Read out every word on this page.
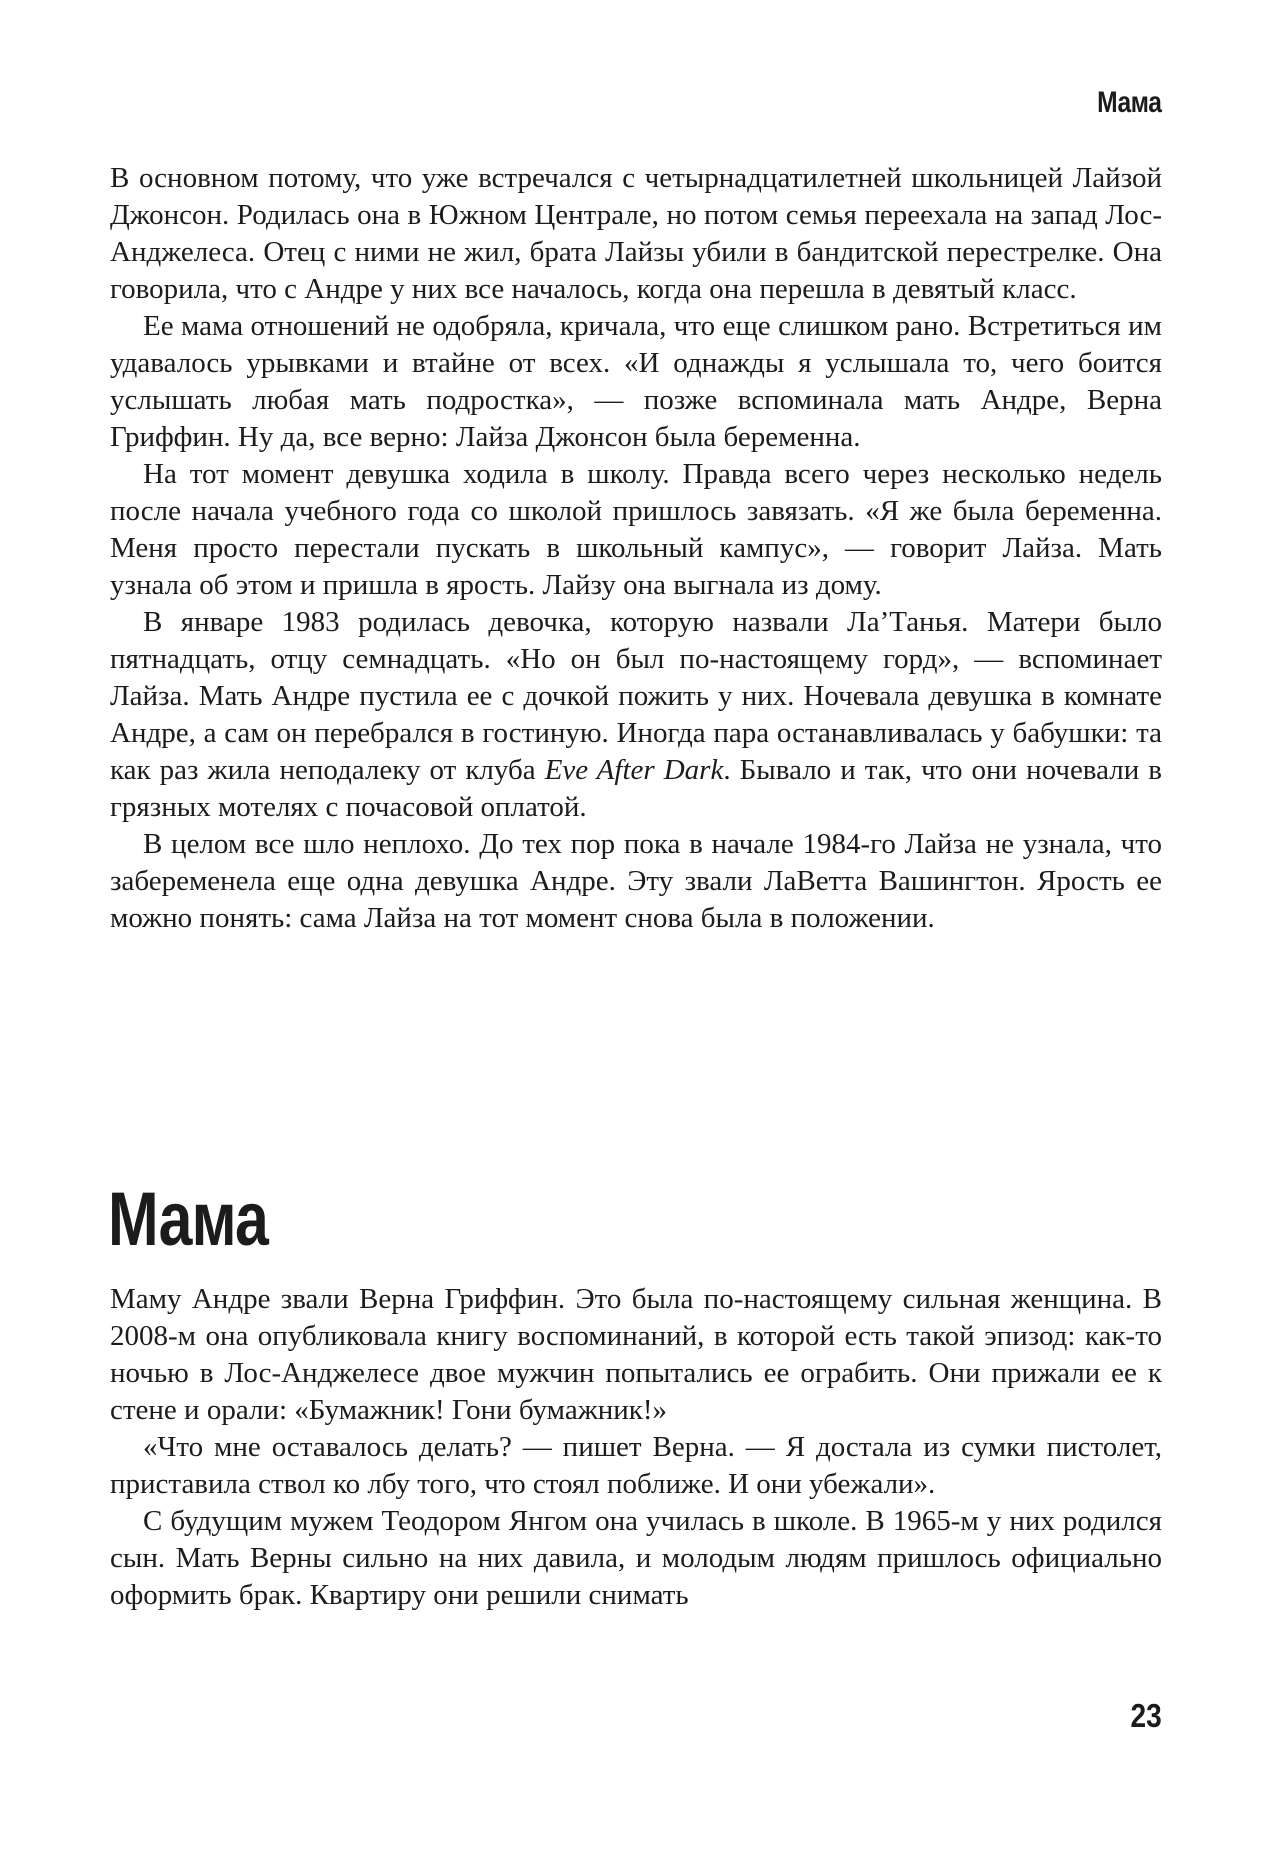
Мама

В основном потому, что уже встречался с четырнадцатилетней школьницей Лайзой Джонсон. Родилась она в Южном Централе, но потом семья переехала на запад Лос-Анджелеса. Отец с ними не жил, брата Лайзы убили в бандитской перестрелке. Она говорила, что с Андре у них все началось, когда она перешла в девятый класс.

Ее мама отношений не одобряла, кричала, что еще слишком рано. Встретиться им удавалось урывками и втайне от всех. «И однажды я услышала то, чего боится услышать любая мать подростка», — позже вспоминала мать Андре, Верна Гриффин. Ну да, все верно: Лайза Джонсон была беременна.

На тот момент девушка ходила в школу. Правда всего через несколько недель после начала учебного года со школой пришлось завязать. «Я же была беременна. Меня просто перестали пускать в школьный кампус», — говорит Лайза. Мать узнала об этом и пришла в ярость. Лайзу она выгнала из дому.

В январе 1983 родилась девочка, которую назвали Ла’Танья. Матери было пятнадцать, отцу семнадцать. «Но он был по-настоящему горд», — вспоминает Лайза. Мать Андре пустила ее с дочкой пожить у них. Ночевала девушка в комнате Андре, а сам он перебрался в гостиную. Иногда пара останавливалась у бабушки: та как раз жила неподалеку от клуба Eve After Dark. Бывало и так, что они ночевали в грязных мотелях с почасовой оплатой.

В целом все шло неплохо. До тех пор пока в начале 1984-го Лайза не узнала, что забеременела еще одна девушка Андре. Эту звали ЛаВетта Вашингтон. Ярость ее можно понять: сама Лайза на тот момент снова была в положении.

Мама

Маму Андре звали Верна Гриффин. Это была по-настоящему сильная женщина. В 2008-м она опубликовала книгу воспоминаний, в которой есть такой эпизод: как-то ночью в Лос-Анджелесе двое мужчин попытались ее ограбить. Они прижали ее к стене и орали: «Бумажник! Гони бумажник!»

«Что мне оставалось делать? — пишет Верна. — Я достала из сумки пистолет, приставила ствол ко лбу того, что стоял поближе. И они убежали».

С будущим мужем Теодором Янгом она училась в школе. В 1965-м у них родился сын. Мать Верны сильно на них давила, и молодым людям пришлось официально оформить брак. Квартиру они решили снимать

23
